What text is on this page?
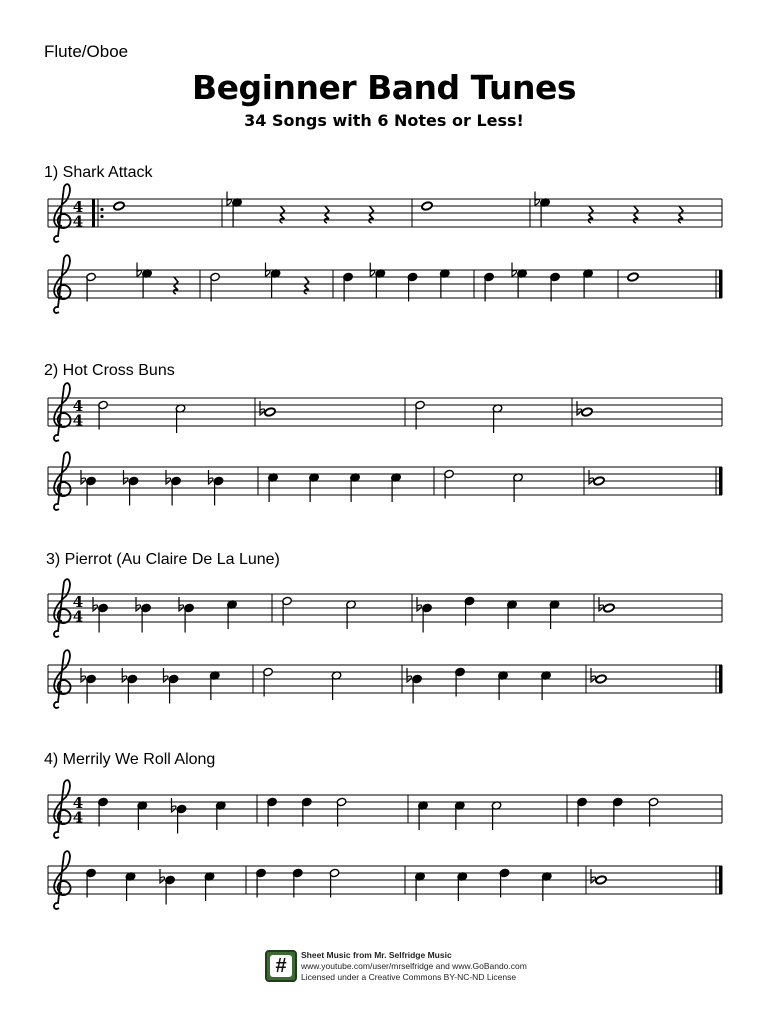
Flute/Oboe
Beginner Band Tunes
34 Songs with 6 Notes or Less!
1) Shark Attack
2) Hot Cross Buns
3) Pierrot (Au Claire De La Lune)
4) Merrily We Roll Along
4
4
4
4
4
4
4
4
#	Sheet Music from Mr. Selfridge Music
www.youtube.com/user/mrselfridge and www.GoBando.com
Licensed under a Creative Commons BY-NC-ND License
